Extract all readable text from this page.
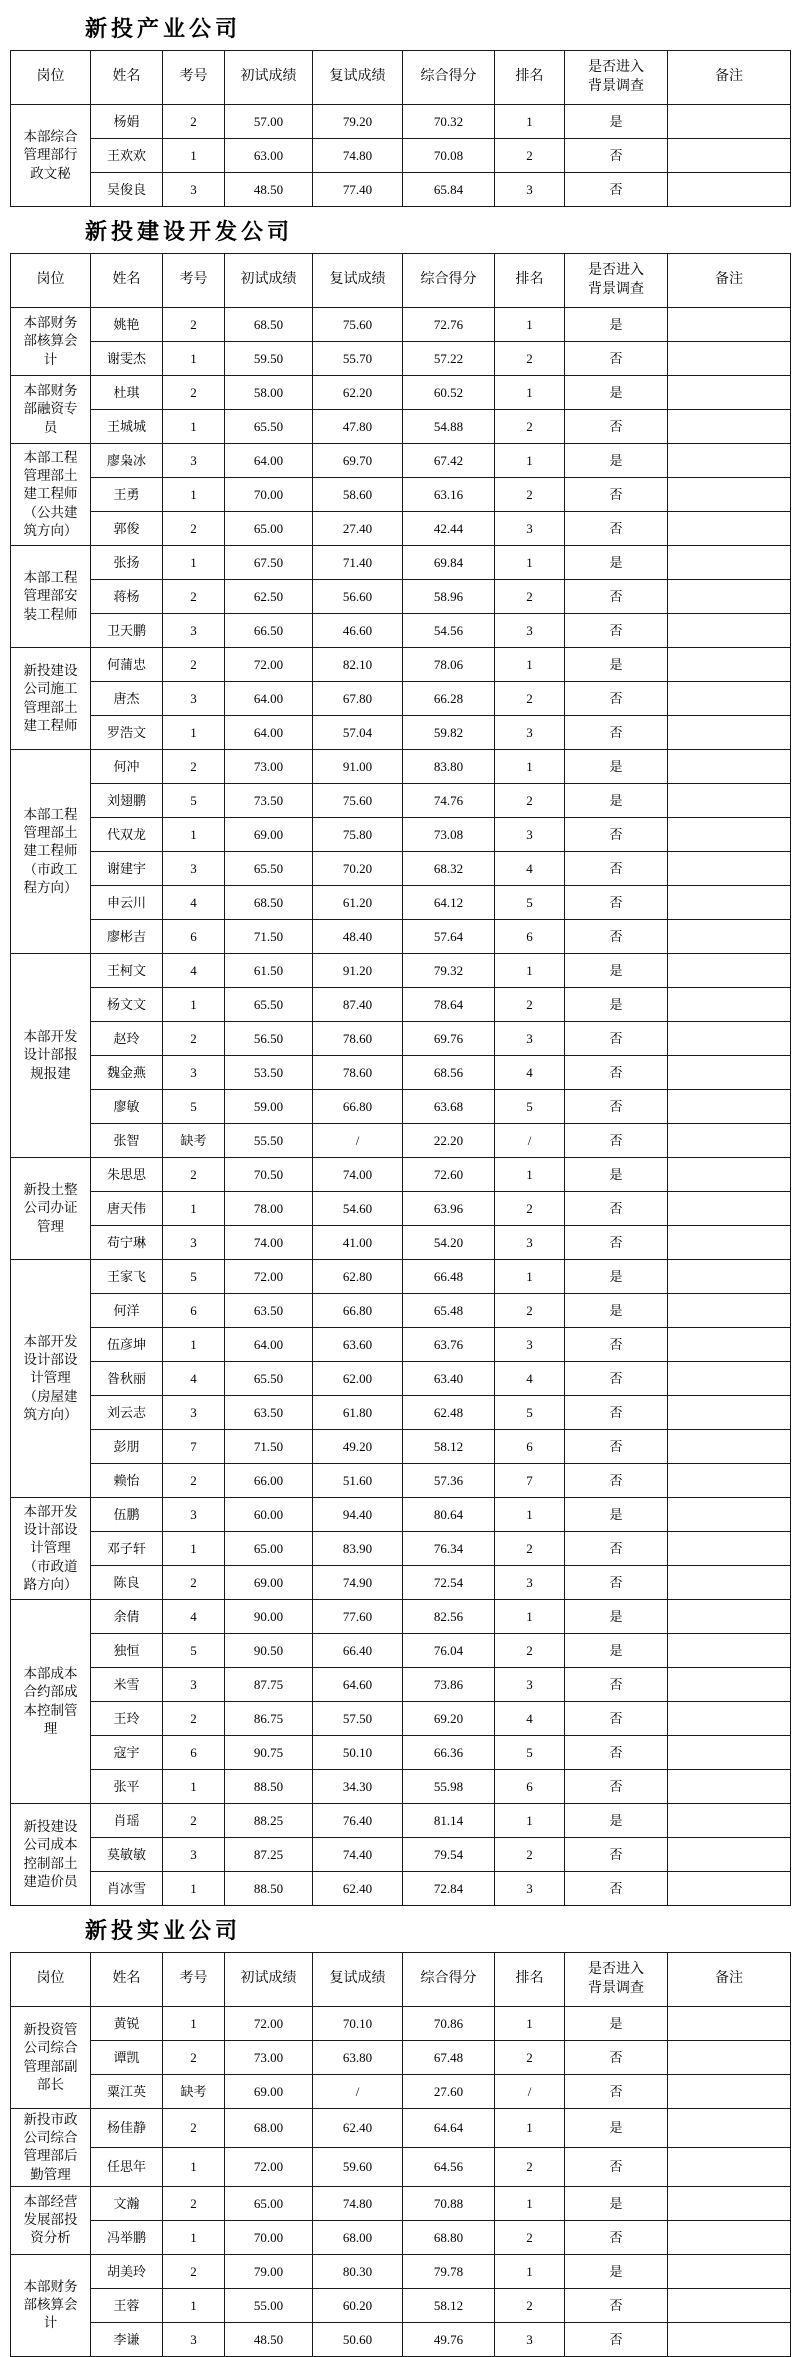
新投产业公司
岗位	姓名	考号	初试成绩	复试成绩	综合得分	排名	是否进入背景调查	备注
本部综合管理部行政文秘	杨娟	2	57.00	79.20	70.32	1	是	
	王欢欢	1	63.00	74.80	70.08	2	否	
	吴俊良	3	48.50	77.40	65.84	3	否	
新投建设开发公司
岗位	姓名	考号	初试成绩	复试成绩	综合得分	排名	是否进入背景调查	备注
本部财务部核算会计	姚艳	2	68.50	75.60	72.76	1	是	
	谢雯杰	1	59.50	55.70	57.22	2	否	
本部财务部融资专员	杜琪	2	58.00	62.20	60.52	1	是	
	王城城	1	65.50	47.80	54.88	2	否	
本部工程管理部土建工程师（公共建筑方向）	廖枭冰	3	64.00	69.70	67.42	1	是	
	王勇	1	70.00	58.60	63.16	2	否	
	郭俊	2	65.00	27.40	42.44	3	否	
本部工程管理部安装工程师	张扬	1	67.50	71.40	69.84	1	是	
	蒋杨	2	62.50	56.60	58.96	2	否	
	卫天鹏	3	66.50	46.60	54.56	3	否	
新投建设公司施工管理部土建工程师	何蒲忠	2	72.00	82.10	78.06	1	是	
	唐杰	3	64.00	67.80	66.28	2	否	
	罗浩文	1	64.00	57.04	59.82	3	否	
本部工程管理部土建工程师（市政工程方向）	何冲	2	73.00	91.00	83.80	1	是	
	刘翅鹏	5	73.50	75.60	74.76	2	是	
	代双龙	1	69.00	75.80	73.08	3	否	
	谢建宇	3	65.50	70.20	68.32	4	否	
	申云川	4	68.50	61.20	64.12	5	否	
	廖彬吉	6	71.50	48.40	57.64	6	否	
本部开发设计部报规报建	王柯文	4	61.50	91.20	79.32	1	是	
	杨文文	1	65.50	87.40	78.64	2	是	
	赵玲	2	56.50	78.60	69.76	3	否	
	魏金燕	3	53.50	78.60	68.56	4	否	
	廖敏	5	59.00	66.80	63.68	5	否	
	张智	缺考	55.50	/	22.20	/	否	
新投土整公司办证管理	朱思思	2	70.50	74.00	72.60	1	是	
	唐天伟	1	78.00	54.60	63.96	2	否	
	苟宁琳	3	74.00	41.00	54.20	3	否	
本部开发设计部设计管理（房屋建筑方向）	王家飞	5	72.00	62.80	66.48	1	是	
	何洋	6	63.50	66.80	65.48	2	是	
	伍彦坤	1	64.00	63.60	63.76	3	否	
	昝秋丽	4	65.50	62.00	63.40	4	否	
	刘云志	3	63.50	61.80	62.48	5	否	
	彭朋	7	71.50	49.20	58.12	6	否	
	赖怡	2	66.00	51.60	57.36	7	否	
本部开发设计部设计管理（市政道路方向）	伍鹏	3	60.00	94.40	80.64	1	是	
	邓子轩	1	65.00	83.90	76.34	2	否	
	陈良	2	69.00	74.90	72.54	3	否	
本部成本合约部成本控制管理	余倩	4	90.00	77.60	82.56	1	是	
	独恒	5	90.50	66.40	76.04	2	是	
	米雪	3	87.75	64.60	73.86	3	否	
	王玲	2	86.75	57.50	69.20	4	否	
	寇宇	6	90.75	50.10	66.36	5	否	
	张平	1	88.50	34.30	55.98	6	否	
新投建设公司成本控制部土建造价员	肖瑶	2	88.25	76.40	81.14	1	是	
	莫敏敏	3	87.25	74.40	79.54	2	否	
	肖冰雪	1	88.50	62.40	72.84	3	否	
新投实业公司
岗位	姓名	考号	初试成绩	复试成绩	综合得分	排名	是否进入背景调查	备注
新投资管公司综合管理部副部长	黄锐	1	72.00	70.10	70.86	1	是	
	谭凯	2	73.00	63.80	67.48	2	否	
	粟江英	缺考	69.00	/	27.60	/	否	
新投市政公司综合管理部后勤管理	杨佳静	2	68.00	62.40	64.64	1	是	
	任思年	1	72.00	59.60	64.56	2	否	
本部经营发展部投资分析	文瀚	2	65.00	74.80	70.88	1	是	
	冯举鹏	1	70.00	68.00	68.80	2	否	
本部财务部核算会计	胡美玲	2	79.00	80.30	79.78	1	是	
	王蓉	1	55.00	60.20	58.12	2	否	
	李谦	3	48.50	50.60	49.76	3	否	
